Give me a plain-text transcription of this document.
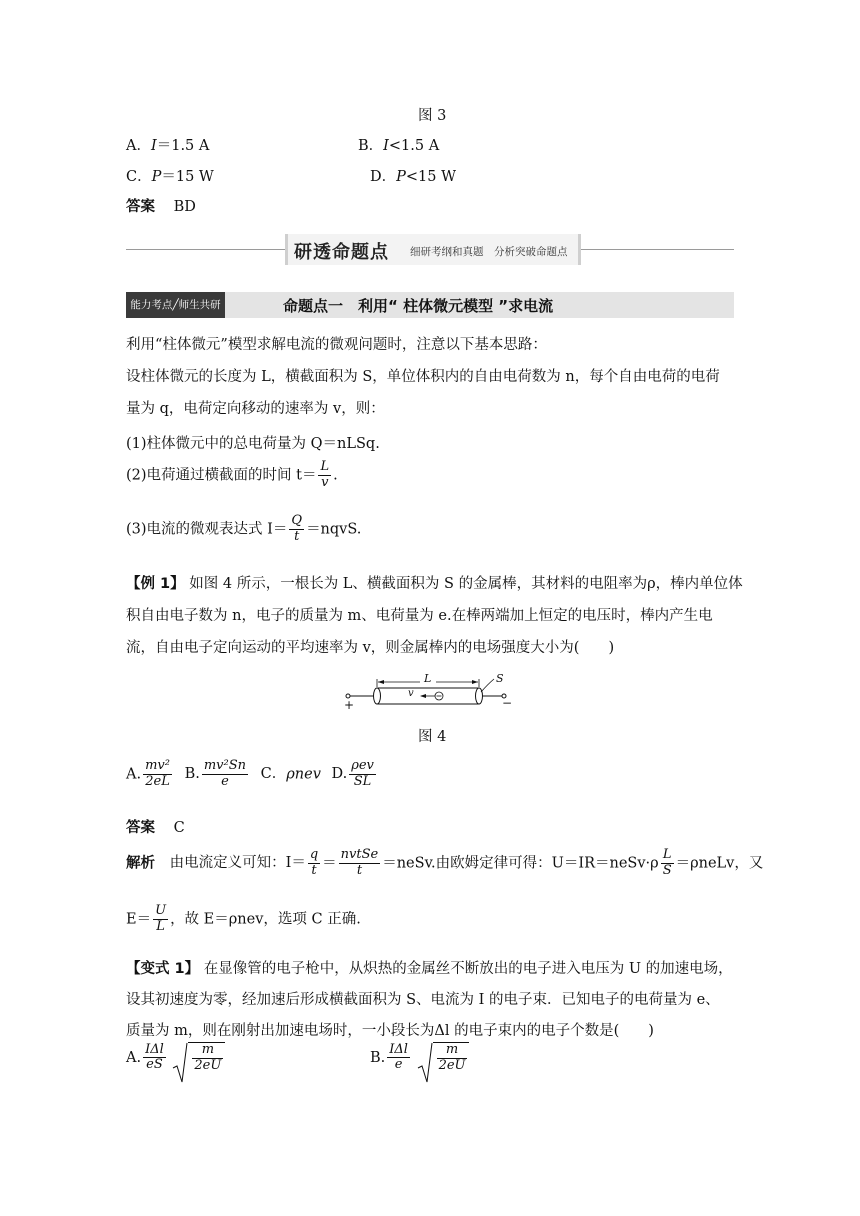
图 3
A．I＝1.5 A	B．I<1.5 A
C．P＝15 W	D．P<15 W
答案 BD
研透命题点 细研考纲和真题　分析突破命题点
能力考点╱师生共研	命题点一　利用“ 柱体微元模型 ”求电流
利用“柱体微元”模型求解电流的微观问题时，注意以下基本思路：
设柱体微元的长度为 L，横截面积为 S，单位体积内的自由电荷数为 n，每个自由电荷的电荷
量为 q，电荷定向移动的速率为 v，则：
(1)柱体微元中的总电荷量为 Q＝nLSq.
(2)电荷通过横截面的时间 $t= \frac{L}{v}$ .
(3)电流的微观表达式 $I= \frac{Q}{t}$ ＝nqvS.
【例 1】 如图 4 所示，一根长为 L、横截面积为 S 的金属棒，其材料的电阻率为ρ，棒内单位体
积自由电子数为 n，电子的质量为 m、电荷量为 e.在棒两端加上恒定的电压时，棒内产生电
流，自由电子定向运动的平均速率为 v，则金属棒内的电场强度大小为(　　)
L	S
v
+	−
图 4
A. $\frac{\text{mv²}}{2eL} B$. $\frac{\text{mv²Sn}}{e}$ C．ρnev D. $\frac{\text{ρev}}{SL}$
答案 C
解析 由电流定义可知：$I= \frac{q}{t} = \frac{\text{nvtSe}}{t}$ ＝neSv.由欧姆定律可得：U＝IR＝neSv·ρ $\frac{L}{S}$ ＝ρneLv，又
$E= \frac{U}{L}$ ，故 E＝ρnev，选项 C 正确.
【变式 1】 在显像管的电子枪中，从炽热的金属丝不断放出的电子进入电压为 U 的加速电场，
设其初速度为零，经加速后形成横截面积为 S、电流为 I 的电子束．已知电子的电荷量为 e、
质量为 m，则在刚射出加速电场时，一小段长为Δl 的电子束内的电子个数是(　　)
A. $\frac{\text{IΔl}}{eS}$
$\frac{m}{2eU}$	B. $\frac{\text{IΔl}}{e}$
$\frac{m}{2eU}$
